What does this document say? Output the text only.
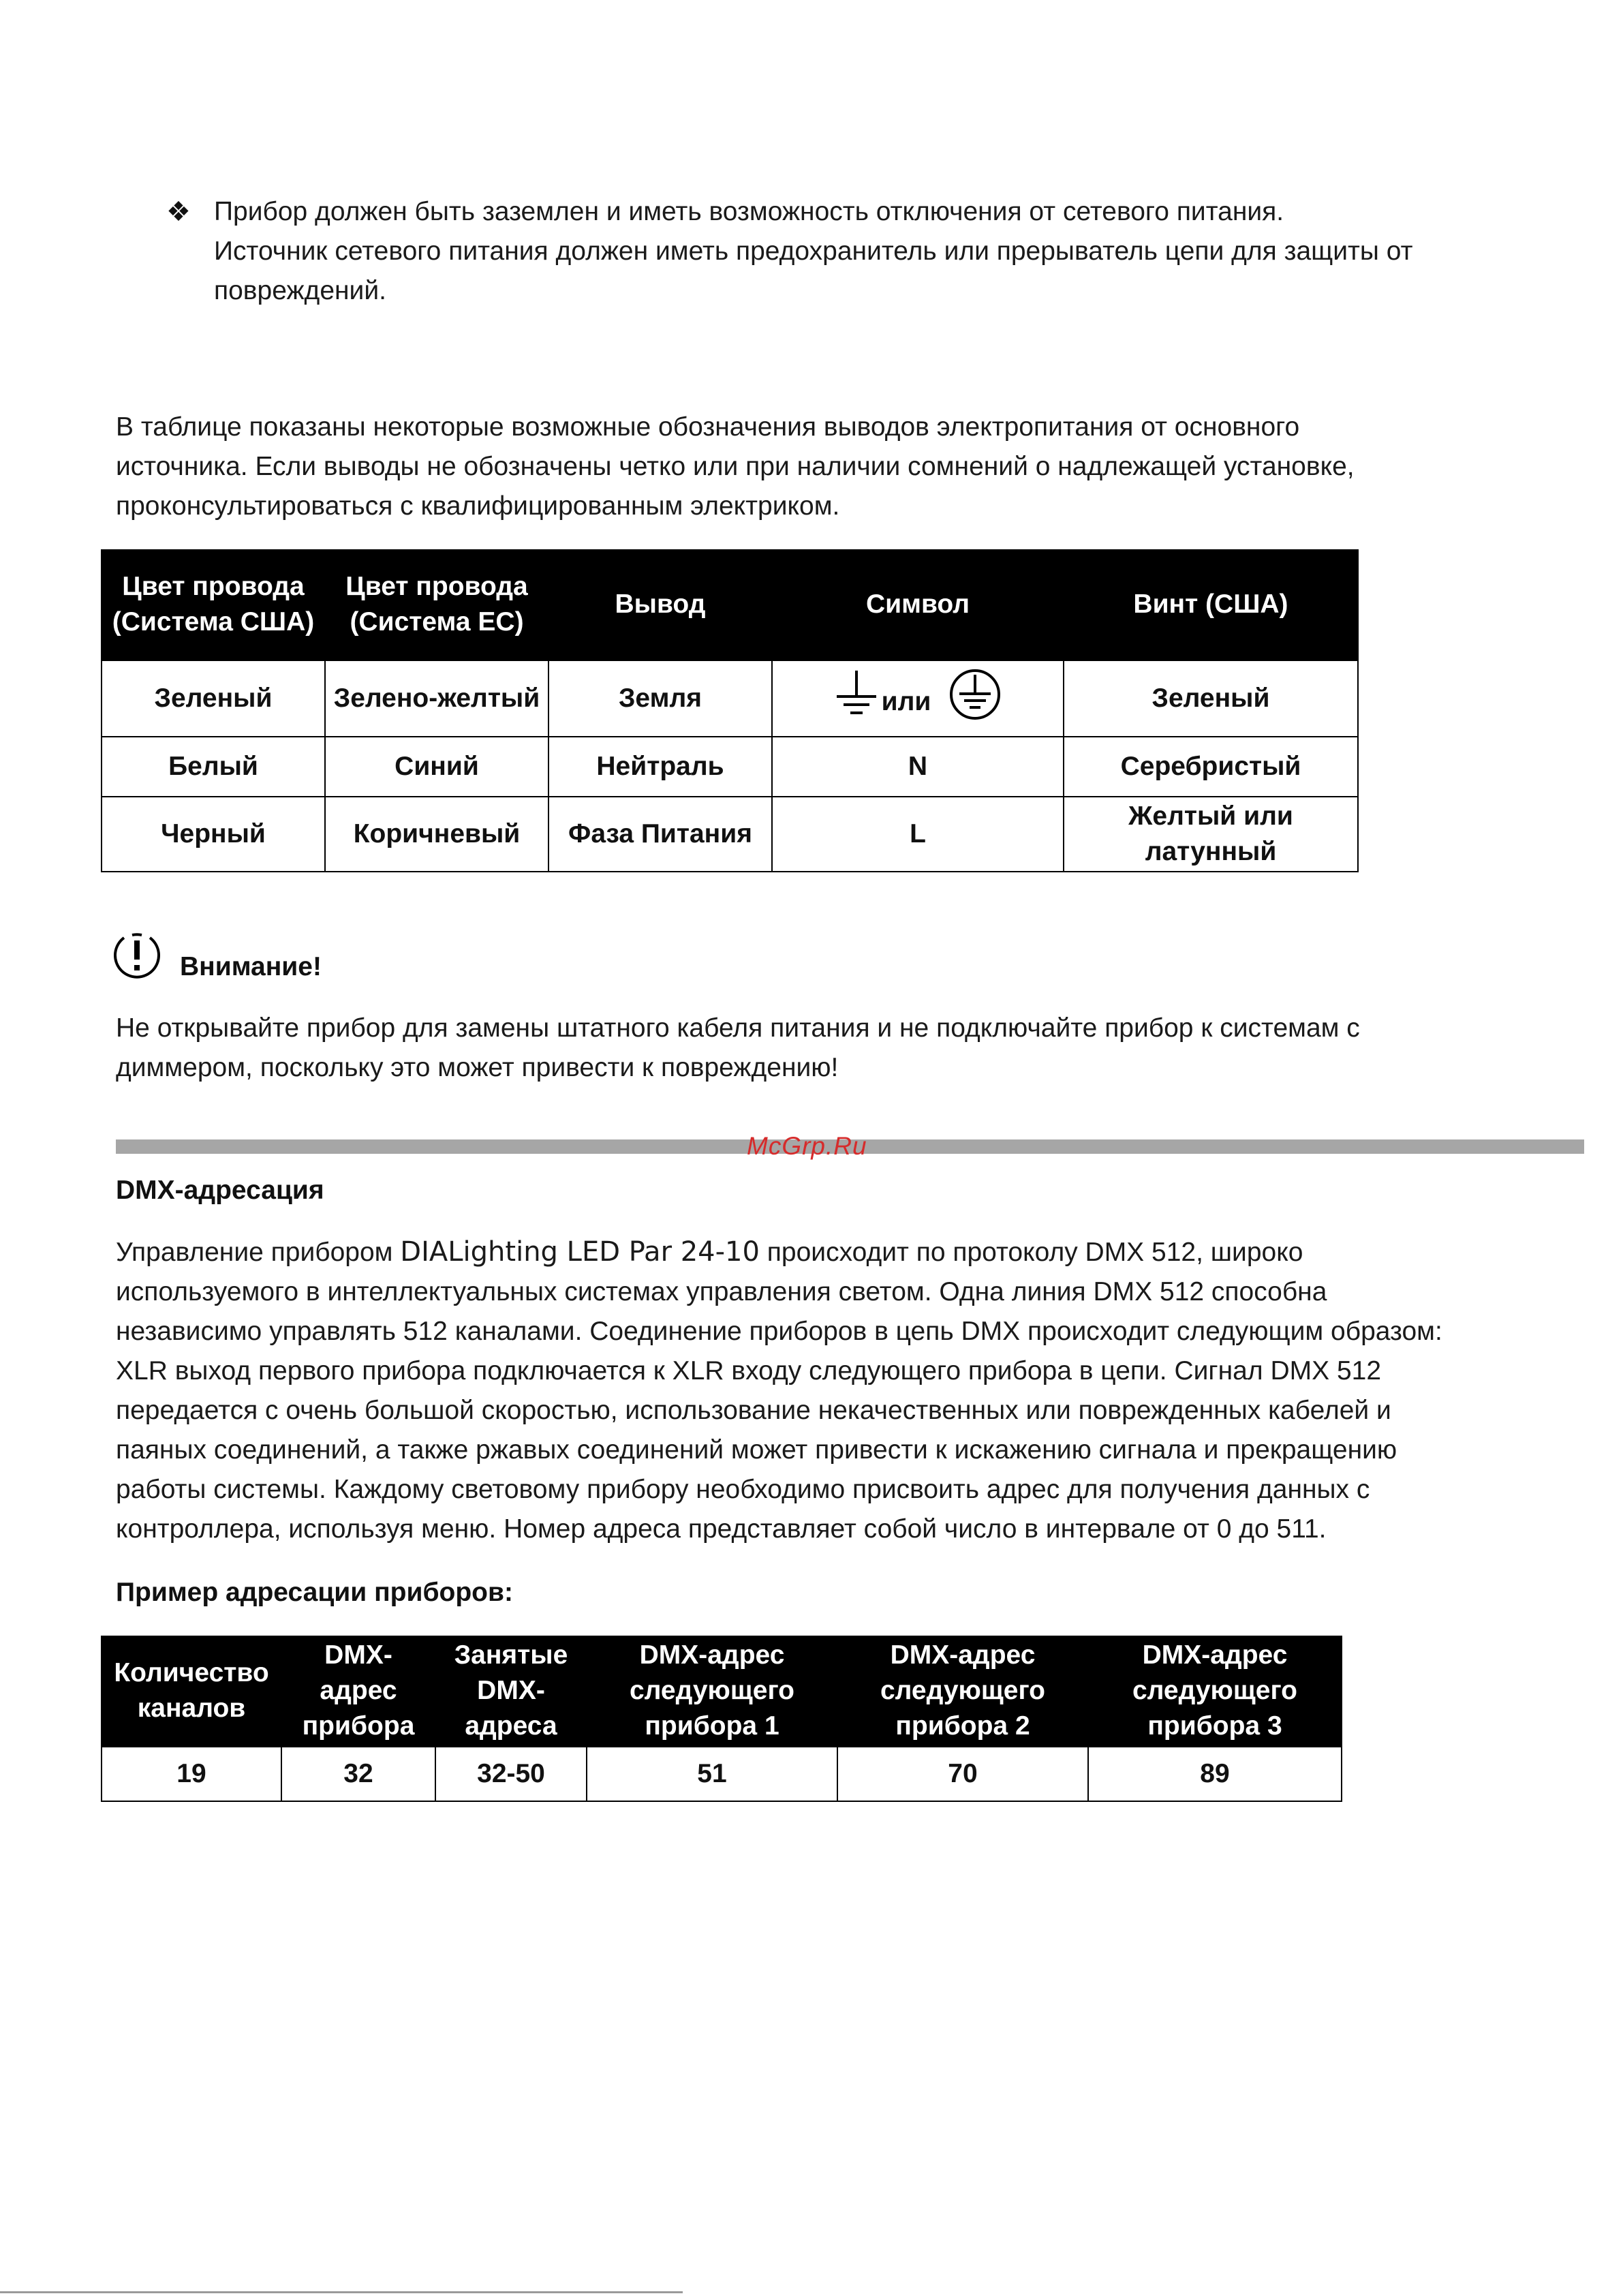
❖ Прибор должен быть заземлен и иметь возможность отключения от сетевого питания.

Источник сетевого питания должен иметь предохранитель или прерыватель цепи для защиты от

повреждений.

В таблице показаны некоторые возможные обозначения выводов электропитания от основного

источника. Если выводы не обозначены четко или при наличии сомнений о надлежащей установке,

проконсультироваться с квалифицированным электриком.

Цвет провода (Система США)	Цвет провода (Система ЕС)	Вывод	Символ	Винт (США)
Зеленый	Зелено-желтый	Земля	или	Зеленый
Белый	Синий	Нейтраль	N	Серебристый
Черный	Коричневый	Фаза Питания	L	Желтый или латунный
Внимание!

Не открывайте прибор для замены штатного кабеля питания и не подключайте прибор к системам с

диммером, поскольку это может привести к повреждению!

McGrp.Ru
DMX-адресация

Управление прибором DIALighting LED Par 24-10 происходит по протоколу DMX 512, широко

используемого в интеллектуальных системах управления светом. Одна линия DMX 512 способна

независимо управлять 512 каналами. Соединение приборов в цепь DMX происходит следующим образом:

XLR выход первого прибора подключается к XLR входу следующего прибора в цепи. Сигнал DMX 512

передается с очень большой скоростью, использование некачественных или поврежденных кабелей и

паяных соединений, а также ржавых соединений может привести к искажению сигнала и прекращению

работы системы. Каждому световому прибору необходимо присвоить адрес для получения данных с

контроллера, используя меню. Номер адреса представляет собой число в интервале от 0 до 511.

Пример адресации приборов:
Количество каналов	DMX-адрес прибора	Занятые DMX-адреса	DMX-адрес следующего прибора 1	DMX-адрес следующего прибора 2	DMX-адрес следующего прибора 3
19	32	32-50	51	70	89
